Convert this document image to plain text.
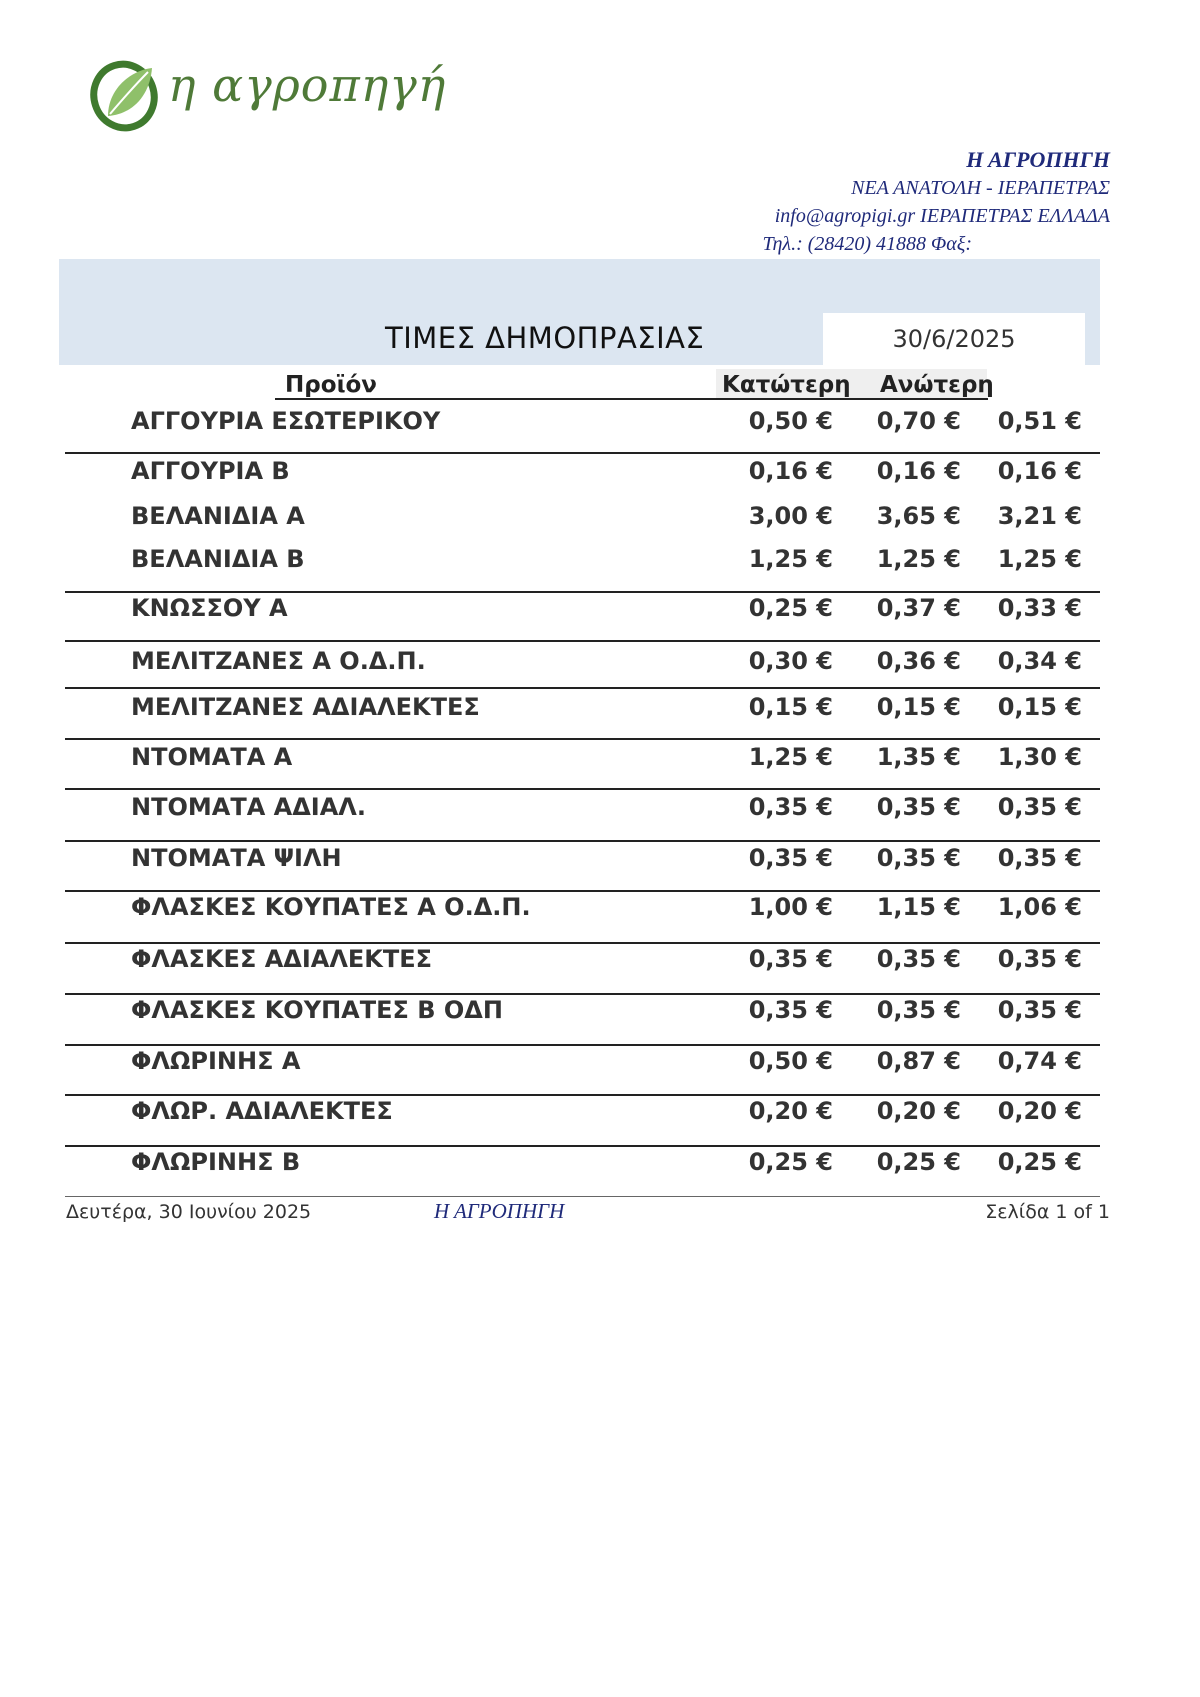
η αγροπηγή
Η ΑΓΡΟΠΗΓΗ
ΝΕΑ ΑΝΑΤΟΛΗ - ΙΕΡΑΠΕΤΡΑΣ
info@agropigi.gr ΙΕΡΑΠΕΤΡΑΣ ΕΛΛΑΔΑ
Τηλ.: (28420) 41888 Φαξ:
ΤΙΜΕΣ ΔΗΜΟΠΡΑΣΙΑΣ	30/6/2025
Προϊόν	Κατώτερη Ανώτερη
ΑΓΓΟΥΡΙΑ ΕΣΩΤΕΡΙΚΟΥ	0,50 € 0,70 € 0,51 €
ΑΓΓΟΥΡΙΑ Β	0,16 € 0,16 € 0,16 €
ΒΕΛΑΝΙΔΙΑ Α	3,00 € 3,65 € 3,21 €
ΒΕΛΑΝΙΔΙΑ Β	1,25 € 1,25 € 1,25 €
ΚΝΩΣΣΟΥ Α	0,25 € 0,37 € 0,33 €
ΜΕΛΙΤΖΑΝΕΣ Α Ο.Δ.Π.	0,30 € 0,36 € 0,34 €
ΜΕΛΙΤΖΑΝΕΣ ΑΔΙΑΛΕΚΤΕΣ	0,15 € 0,15 € 0,15 €
ΝΤΟΜΑΤΑ Α	1,25 € 1,35 € 1,30 €
ΝΤΟΜΑΤΑ ΑΔΙΑΛ.	0,35 € 0,35 € 0,35 €
ΝΤΟΜΑΤΑ ΨΙΛΗ	0,35 € 0,35 € 0,35 €
ΦΛΑΣΚΕΣ ΚΟΥΠΑΤΕΣ Α Ο.Δ.Π.	1,00 € 1,15 € 1,06 €
ΦΛΑΣΚΕΣ ΑΔΙΑΛΕΚΤΕΣ	0,35 € 0,35 € 0,35 €
ΦΛΑΣΚΕΣ ΚΟΥΠΑΤΕΣ Β ΟΔΠ	0,35 € 0,35 € 0,35 €
ΦΛΩΡΙΝΗΣ Α	0,50 € 0,87 € 0,74 €
ΦΛΩΡ. ΑΔΙΑΛΕΚΤΕΣ	0,20 € 0,20 € 0,20 €
ΦΛΩΡΙΝΗΣ Β	0,25 € 0,25 € 0,25 €
Δευτέρα, 30 Ιουνίου 2025	Η ΑΓΡΟΠΗΓΗ	Σελίδα 1 of 1
